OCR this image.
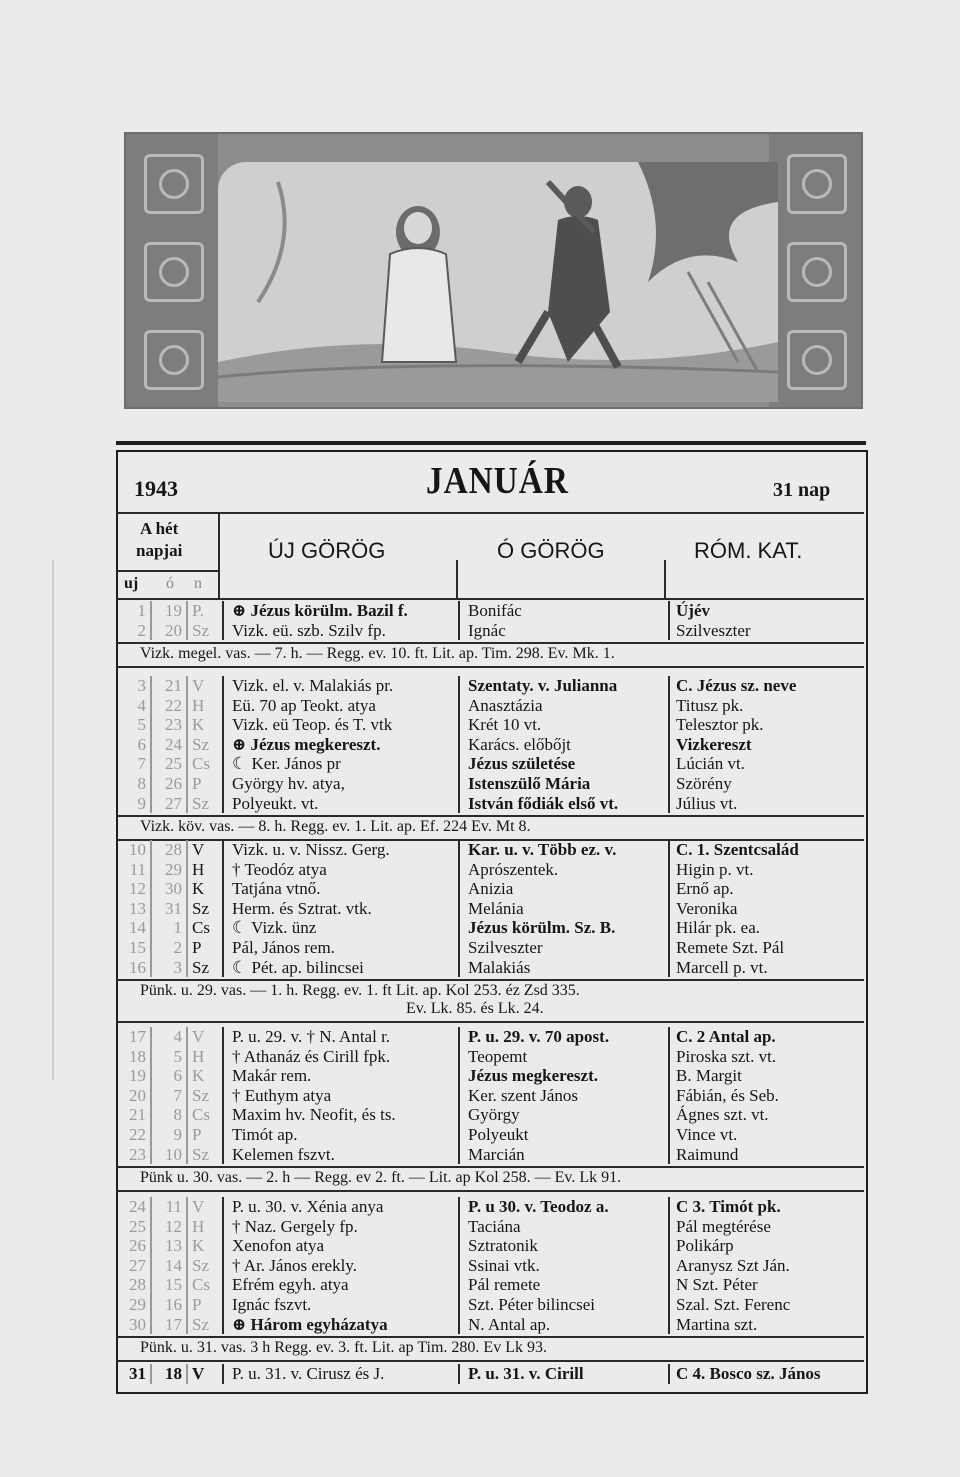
1943	JANUÁR	31 nap
A hét
napjai	ÚJ GÖRÖG	Ó GÖRÖG	RÓM. KAT.
uj ó n
1	19 P. ⊕ Jézus körülm. Bazil f.	Bonifác	Újév
2	20 Sz Vizk. eü. szb. Szilv fp.	Ignác	Szilveszter
Vizk. megel. vas. — 7. h. — Regg. ev. 10. ft. Lit. ap. Tim. 298. Ev. Mk. 1.
3	21 V Vizk. el. v. Malakiás pr.	Szentaty. v. Julianna	C. Jézus sz. neve
4	22 H Eü. 70 ap Teokt. atya	Anasztázia	Titusz pk.
5	23 K Vizk. eü Teop. és T. vtk	Krét 10 vt.	Telesztor pk.
6	24 Sz ⊕ Jézus megkereszt.	Karács. előbőjt	Vizkereszt
7	25 Cs ☾ Ker. János pr	Jézus születése	Lúcián vt.
8	26 P György hv. atya,	Istenszülő Mária	Szörény
9	27 Sz Polyeukt. vt.	István fődiák első vt.	Július vt.
Vizk. köv. vas. — 8. h. Regg. ev. 1. Lit. ap. Ef. 224 Ev. Mt 8.
10	28 V Vizk. u. v. Nissz. Gerg.	Kar. u. v. Több ez. v.	C. 1. Szentcsalád
11	29 H † Teodóz atya	Aprószentek.	Higin p. vt.
12	30 K Tatjána vtnő.	Anizia	Ernő ap.
13	31 Sz Herm. és Sztrat. vtk.	Melánia	Veronika
14	1 Cs ☾ Vizk. ünz	Jézus körülm. Sz. B.	Hilár pk. ea.
15	2 P Pál, János rem.	Szilveszter	Remete Szt. Pál
16	3 Sz ☾ Pét. ap. bilincsei	Malakiás	Marcell p. vt.
Pünk. u. 29. vas. — 1. h. Regg. ev. 1. ft Lit. ap. Kol 253. éz Zsd 335.
Ev. Lk. 85. és Lk. 24.
17	4 V P. u. 29. v. † N. Antal r.	P. u. 29. v. 70 apost.	C. 2 Antal ap.
18	5 H † Athanáz és Cirill fpk.	Teopemt	Piroska szt. vt.
19	6 K Makár rem.	Jézus megkereszt.	B. Margit
20	7 Sz † Euthym atya	Ker. szent János	Fábián, és Seb.
21	8 Cs Maxim hv. Neofit, és ts.	György	Ágnes szt. vt.
22	9 P Timót ap.	Polyeukt	Vince vt.
23	10 Sz Kelemen fszvt.	Marcián	Raimund
Pünk u. 30. vas. — 2. h — Regg. ev 2. ft. — Lit. ap Kol 258. — Ev. Lk 91.
24	11 V P. u. 30. v. Xénia anya	P. u 30. v. Teodoz a.	C 3. Timót pk.
25	12 H † Naz. Gergely fp.	Taciána	Pál megtérése
26	13 K Xenofon atya	Sztratonik	Polikárp
27	14 Sz † Ar. János erekly.	Ssinai vtk.	Aranysz Szt Ján.
28	15 Cs Efrém egyh. atya	Pál remete	N Szt. Péter
29	16 P Ignác fszvt.	Szt. Péter bilincsei	Szal. Szt. Ferenc
30	17 Sz ⊕ Három egyházatya	N. Antal ap.	Martina szt.
Pünk. u. 31. vas. 3 h Regg. ev. 3. ft. Lit. ap Tim. 280. Ev Lk 93.
31	18 V P. u. 31. v. Cirusz és J.	P. u. 31. v. Cirill	C 4. Bosco sz. János
